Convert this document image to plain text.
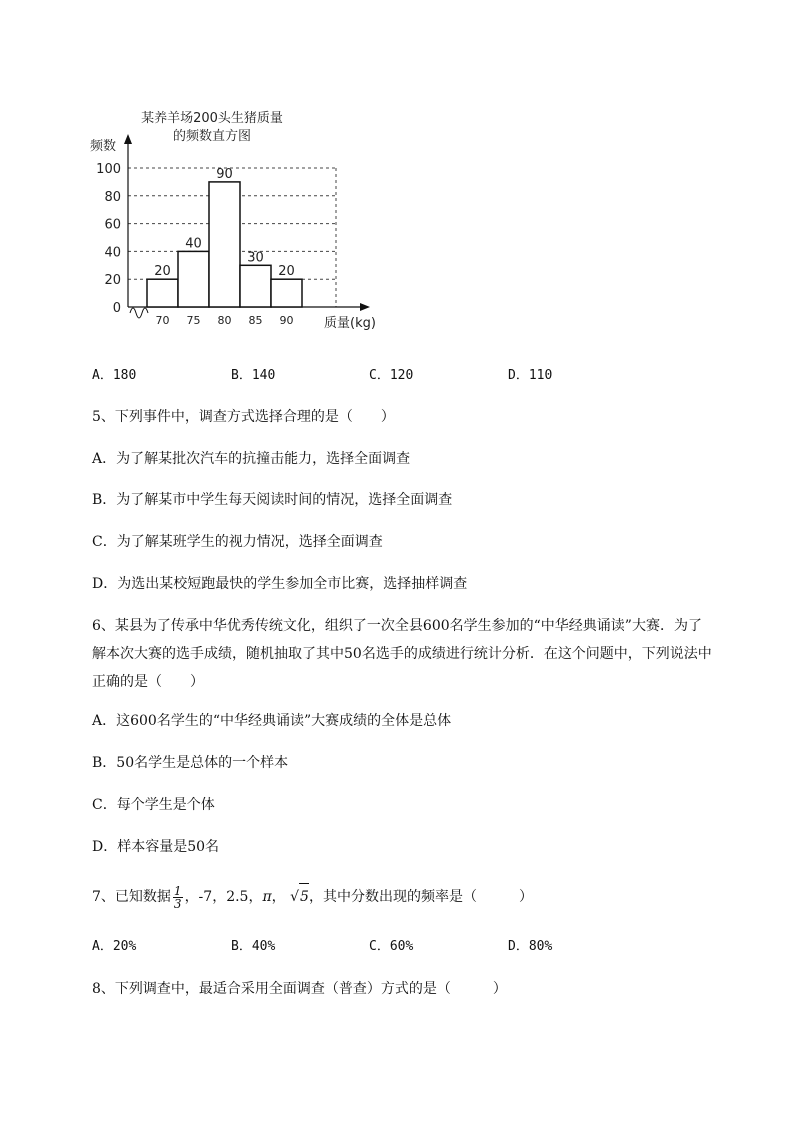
某养羊场200头生猪质量
的频数直方图
频数
0
20
40
60
80
100
20
40
90
30
20
70 75 80 85 90 质量(kg)
A．180	B．140	C．120	D．110
5、下列事件中，调查方式选择合理的是（　　）
A．为了解某批次汽车的抗撞击能力，选择全面调查
B．为了解某市中学生每天阅读时间的情况，选择全面调查
C．为了解某班学生的视力情况，选择全面调查
D．为选出某校短跑最快的学生参加全市比赛，选择抽样调查
6、某县为了传承中华优秀传统文化，组织了一次全县600名学生参加的“中华经典诵读”大赛．为了解本次大赛的选手成绩，随机抽取了其中50名选手的成绩进行统计分析．在这个问题中，下列说法中正确的是（　　）
A．这600名学生的“中华经典诵读”大赛成绩的全体是总体
B．50名学生是总体的一个样本
C．每个学生是个体
D．样本容量是50名
7、已知数据 $\frac{1}{3}$ ，-7，2.5，π， √5，其中分数出现的频率是（　　　）
A．20%	B．40%	C．60%	D．80%
8、下列调查中，最适合采用全面调查（普查）方式的是（　　　）
